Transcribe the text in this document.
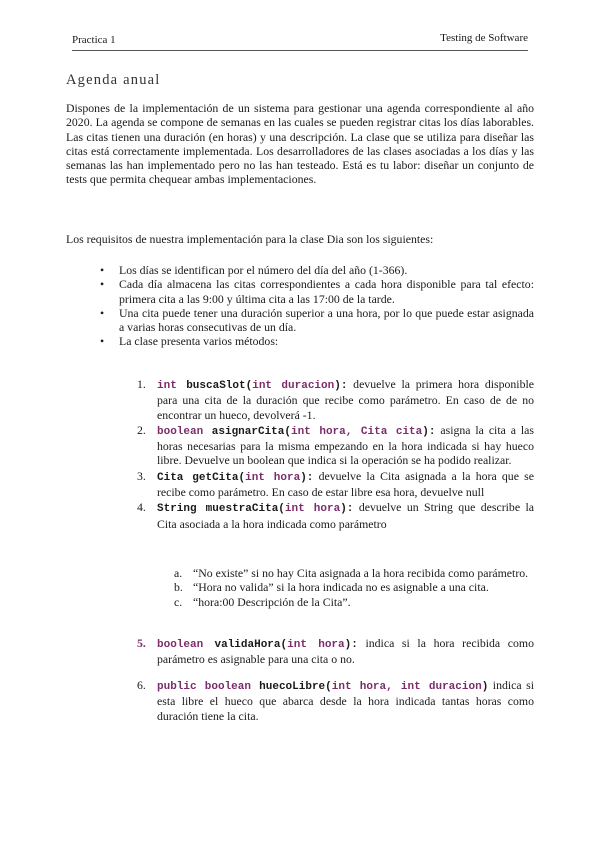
Practica 1	Testing de Software
Agenda anual

Dispones de la implementación de un sistema para gestionar una agenda correspondiente al año 2020. La agenda se compone de semanas en las cuales se pueden registrar citas los días laborables. Las citas tienen una duración (en horas) y una descripción. La clase que se utiliza para diseñar las citas está correctamente implementada. Los desarrolladores de las clases asociadas a los días y las semanas las han implementado pero no las han testeado. Está es tu labor: diseñar un conjunto de tests que permita chequear ambas implementaciones.

Los requisitos de nuestra implementación para la clase Dia son los siguientes:

• Los días se identifican por el número del día del año (1-366).
• Cada día almacena las citas correspondientes a cada hora disponible para tal efecto: primera cita a las 9:00 y última cita a las 17:00 de la tarde.
• Una cita puede tener una duración superior a una hora, por lo que puede estar asignada a varias horas consecutivas de un día.
• La clase presenta varios métodos:
1. int buscaSlot(int duracion): devuelve la primera hora disponible para una cita de la duración que recibe como parámetro. En caso de de no encontrar un hueco, devolverá -1.
2. boolean asignarCita(int hora, Cita cita): asigna la cita a las horas necesarias para la misma empezando en la hora indicada si hay hueco libre. Devuelve un boolean que indica si la operación se ha podido realizar.
3. Cita getCita(int hora): devuelve la Cita asignada a la hora que se recibe como parámetro. En caso de estar libre esa hora, devuelve null
4. String muestraCita(int hora): devuelve un String que describe la Cita asociada a la hora indicada como parámetro
a. “No existe” si no hay Cita asignada a la hora recibida como parámetro.
b. “Hora no valida” si la hora indicada no es asignable a una cita.
c. “hora:00 Descripción de la Cita”.
5. boolean validaHora(int hora): indica si la hora recibida como parámetro es asignable para una cita o no.
6. public boolean huecoLibre(int hora, int duracion) indica si esta libre el hueco que abarca desde la hora indicada tantas horas como duración tiene la cita.
